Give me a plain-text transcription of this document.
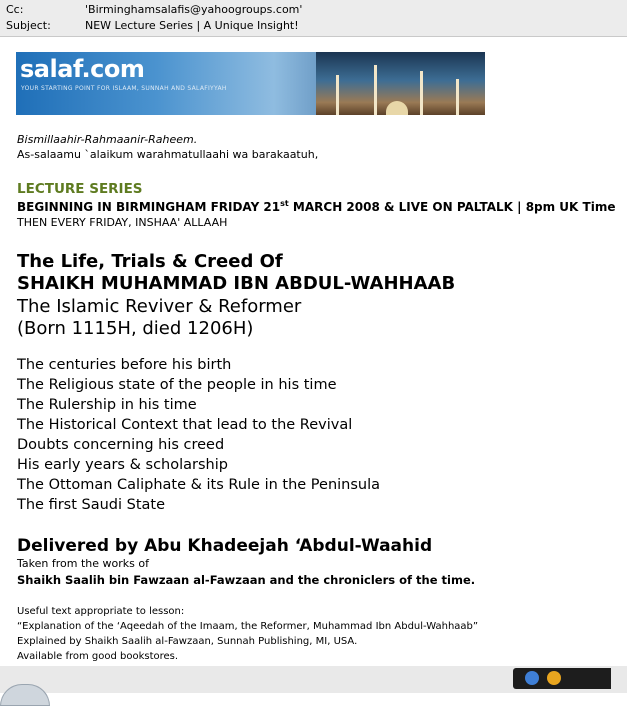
Cc:	'Birminghamsalafis@yahoogroups.com'
Subject:	NEW Lecture Series | A Unique Insight!
salaf.com
YOUR STARTING POINT FOR ISLAAM, SUNNAH AND SALAFIYYAH
Bismillaahir-Rahmaanir-Raheem.
As-salaamu `alaikum warahmatullaahi wa barakaatuh,
LECTURE SERIES
BEGINNING IN BIRMINGHAM FRIDAY 21st MARCH 2008 & LIVE ON PALTALK | 8pm UK Time
THEN EVERY FRIDAY, INSHAA' ALLAAH
The Life, Trials & Creed Of
SHAIKH MUHAMMAD IBN ABDUL-WAHHAAB
The Islamic Reviver & Reformer
(Born 1115H, died 1206H)
The centuries before his birth
The Religious state of the people in his time
The Rulership in his time
The Historical Context that lead to the Revival
Doubts concerning his creed
His early years & scholarship
The Ottoman Caliphate & its Rule in the Peninsula
The first Saudi State
Delivered by Abu Khadeejah ‘Abdul-Waahid
Taken from the works of
Shaikh Saalih bin Fawzaan al-Fawzaan and the chroniclers of the time.
Useful text appropriate to lesson:
“Explanation of the ‘Aqeedah of the Imaam, the Reformer, Muhammad Ibn Abdul-Wahhaab”
Explained by Shaikh Saalih al-Fawzaan, Sunnah Publishing, MI, USA.
Available from good bookstores.
